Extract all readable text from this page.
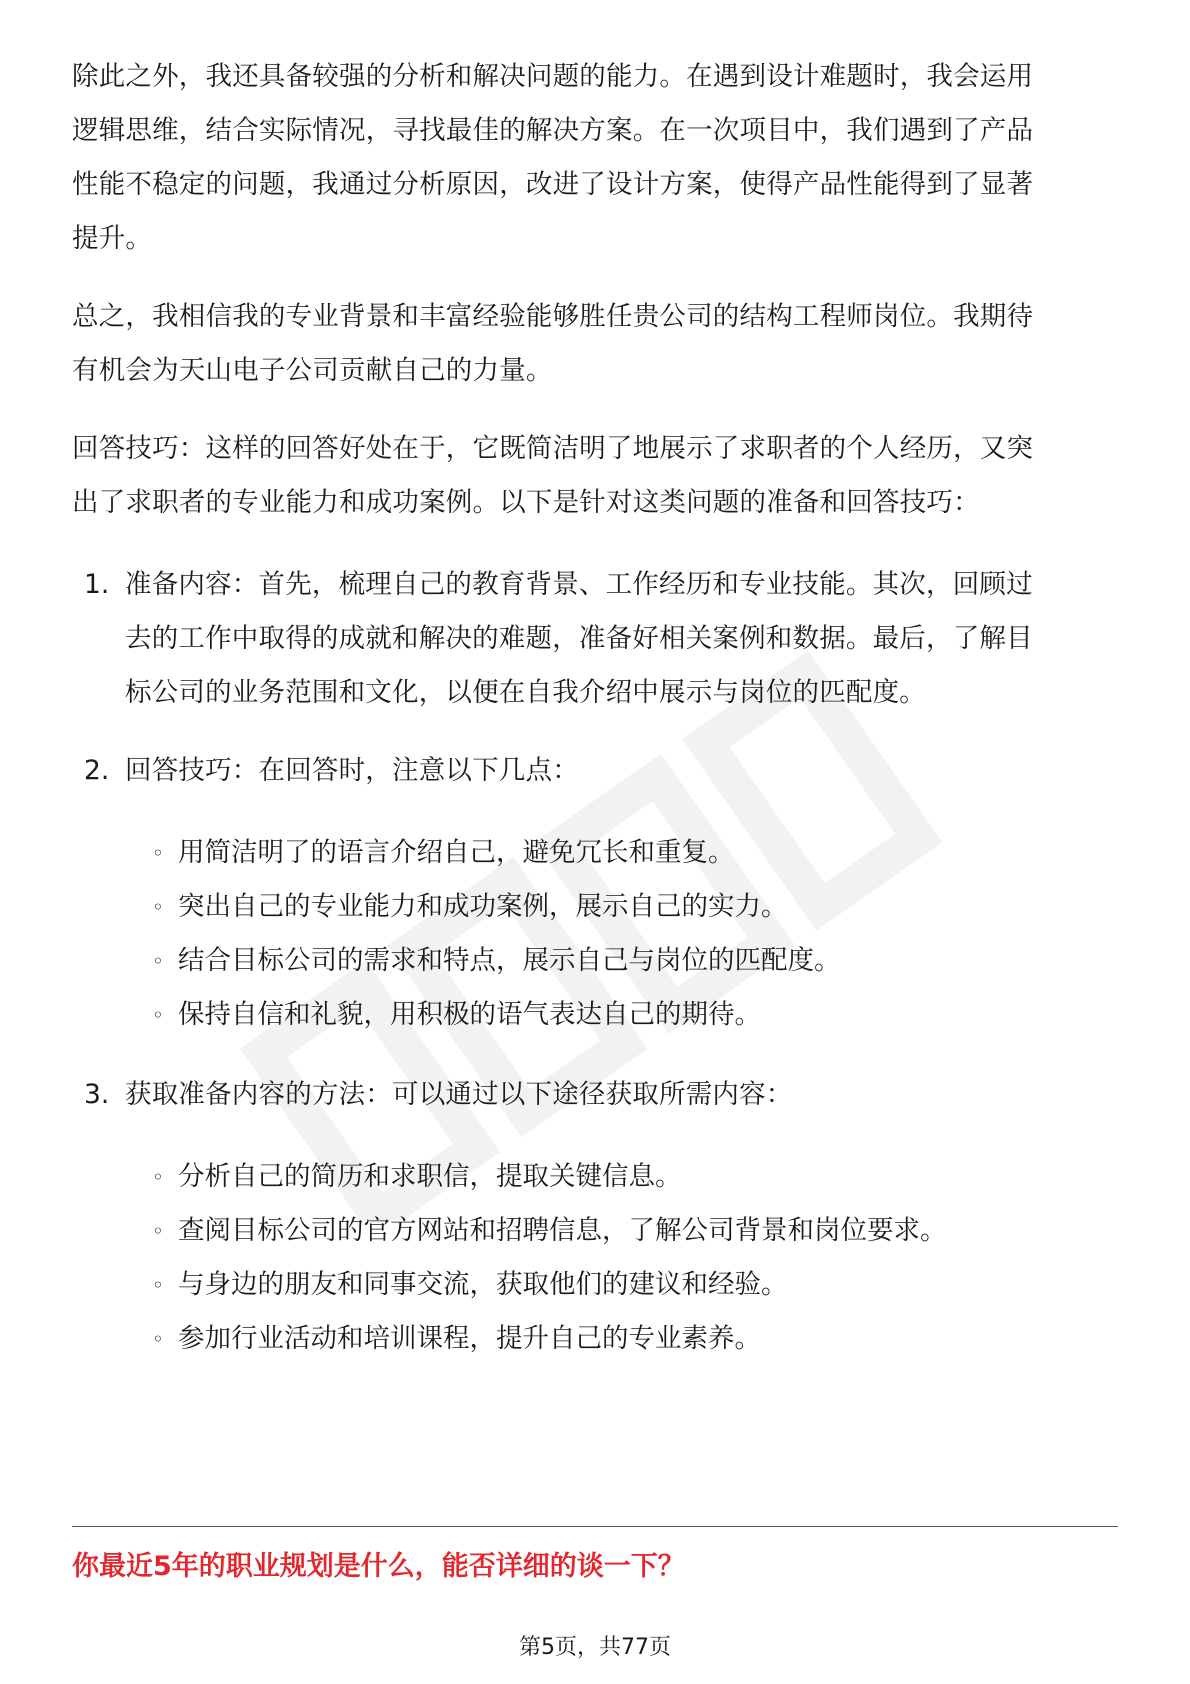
除此之外，我还具备较强的分析和解决问题的能力。在遇到设计难题时，我会运用
逻辑思维，结合实际情况，寻找最佳的解决方案。在一次项目中，我们遇到了产品
性能不稳定的问题，我通过分析原因，改进了设计方案，使得产品性能得到了显著
提升。
总之，我相信我的专业背景和丰富经验能够胜任贵公司的结构工程师岗位。我期待
有机会为天山电子公司贡献自己的力量。
回答技巧：这样的回答好处在于，它既简洁明了地展示了求职者的个人经历，又突
出了求职者的专业能力和成功案例。以下是针对这类问题的准备和回答技巧：
1. 准备内容：首先，梳理自己的教育背景、工作经历和专业技能。其次，回顾过
去的工作中取得的成就和解决的难题，准备好相关案例和数据。最后，了解目
标公司的业务范围和文化，以便在自我介绍中展示与岗位的匹配度。
2. 回答技巧：在回答时，注意以下几点：
◦ 用简洁明了的语言介绍自己，避免冗长和重复。
◦ 突出自己的专业能力和成功案例，展示自己的实力。
◦ 结合目标公司的需求和特点，展示自己与岗位的匹配度。
◦ 保持自信和礼貌，用积极的语气表达自己的期待。
3. 获取准备内容的方法：可以通过以下途径获取所需内容：
◦ 分析自己的简历和求职信，提取关键信息。
◦ 查阅目标公司的官方网站和招聘信息，了解公司背景和岗位要求。
◦ 与身边的朋友和同事交流，获取他们的建议和经验。
◦ 参加行业活动和培训课程，提升自己的专业素养。
你最近5年的职业规划是什么，能否详细的谈一下？
第5页，共77页
